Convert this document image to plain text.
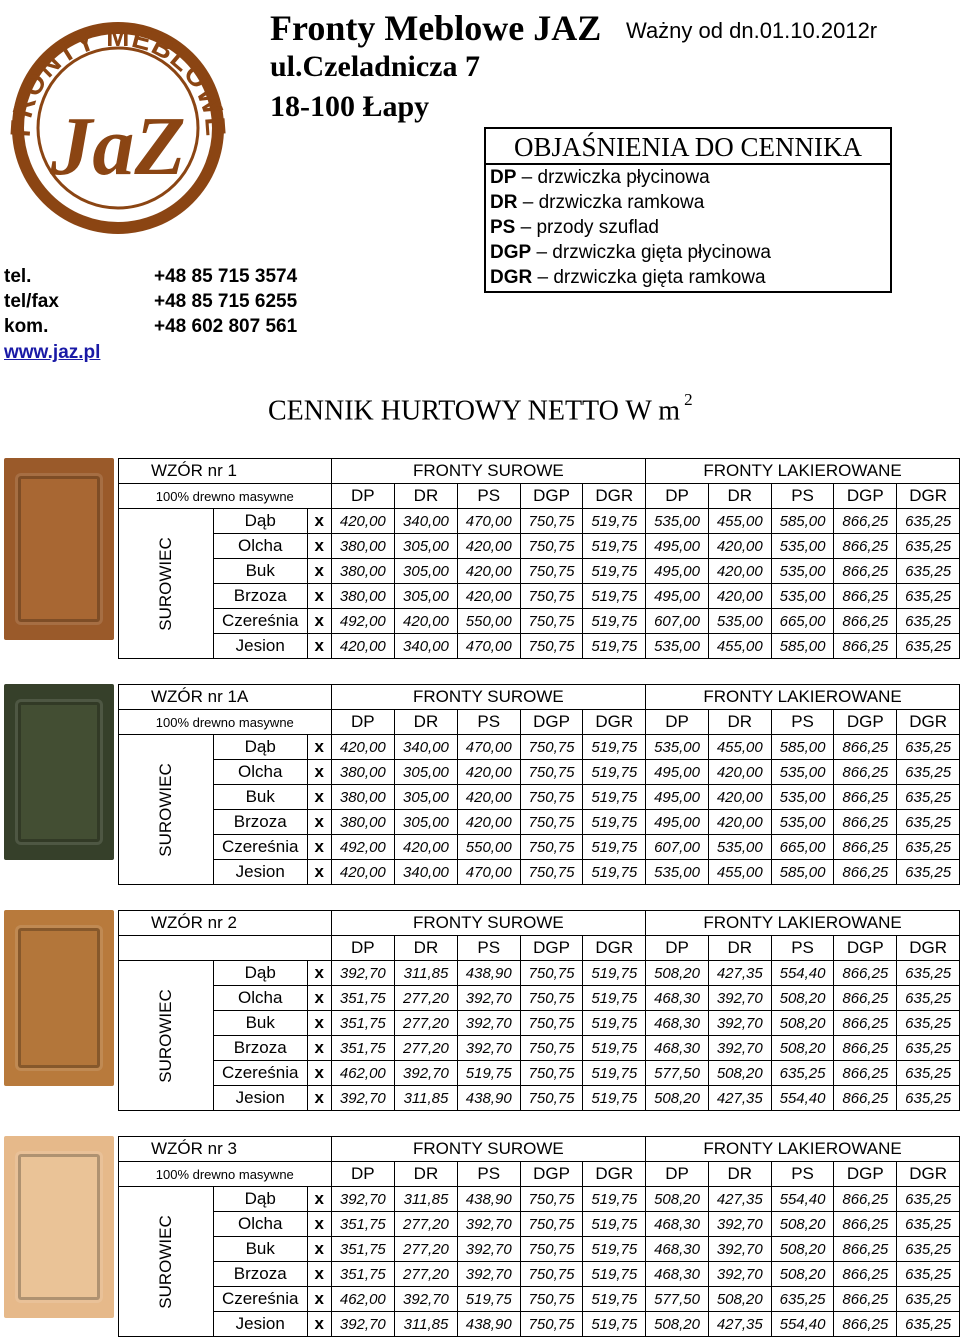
FRONTY MEBLOWE
JaZ
Fronty Meblowe JAZ Ważny od dn.01.10.2012r
ul.Czeladnicza 7
18-100 Łapy
tel.	+48 85 715 3574
tel/fax	+48 85 715 6255
kom.	+48 602 807 561
www.jaz.pl
OBJAŚNIENIA DO CENNIKA
DP – drzwiczka płycinowa
DR – drzwiczka ramkowa
PS – przody szuflad
DGP – drzwiczka gięta płycinowa
DGR – drzwiczka gięta ramkowa
CENNIK HURTOWY NETTO W m $^2$
WZÓR nr 1			FRONTY SUROWE					FRONTY LAKIEROWANE				
100% drewno masywne			DP	DR	PS	DGP	DGR	DP	DR	PS	DGP	DGR

SUROWIEC	Dąb	x	420,00	340,00	470,00	750,75	519,75	535,00	455,00	585,00	866,25	635,25
	Olcha	x	380,00	305,00	420,00	750,75	519,75	495,00	420,00	535,00	866,25	635,25
	Buk	x	380,00	305,00	420,00	750,75	519,75	495,00	420,00	535,00	866,25	635,25
	Brzoza	x	380,00	305,00	420,00	750,75	519,75	495,00	420,00	535,00	866,25	635,25
	Czereśnia	x	492,00	420,00	550,00	750,75	519,75	607,00	535,00	665,00	866,25	635,25
	Jesion	x	420,00	340,00	470,00	750,75	519,75	535,00	455,00	585,00	866,25	635,25
WZÓR nr 1A			FRONTY SUROWE					FRONTY LAKIEROWANE				
100% drewno masywne			DP	DR	PS	DGP	DGR	DP	DR	PS	DGP	DGR

SUROWIEC	Dąb	x	420,00	340,00	470,00	750,75	519,75	535,00	455,00	585,00	866,25	635,25
	Olcha	x	380,00	305,00	420,00	750,75	519,75	495,00	420,00	535,00	866,25	635,25
	Buk	x	380,00	305,00	420,00	750,75	519,75	495,00	420,00	535,00	866,25	635,25
	Brzoza	x	380,00	305,00	420,00	750,75	519,75	495,00	420,00	535,00	866,25	635,25
	Czereśnia	x	492,00	420,00	550,00	750,75	519,75	607,00	535,00	665,00	866,25	635,25
	Jesion	x	420,00	340,00	470,00	750,75	519,75	535,00	455,00	585,00	866,25	635,25
WZÓR nr 2			FRONTY SUROWE					FRONTY LAKIEROWANE				
			DP	DR	PS	DGP	DGR	DP	DR	PS	DGP	DGR

SUROWIEC	Dąb	x	392,70	311,85	438,90	750,75	519,75	508,20	427,35	554,40	866,25	635,25
	Olcha	x	351,75	277,20	392,70	750,75	519,75	468,30	392,70	508,20	866,25	635,25
	Buk	x	351,75	277,20	392,70	750,75	519,75	468,30	392,70	508,20	866,25	635,25
	Brzoza	x	351,75	277,20	392,70	750,75	519,75	468,30	392,70	508,20	866,25	635,25
	Czereśnia	x	462,00	392,70	519,75	750,75	519,75	577,50	508,20	635,25	866,25	635,25
	Jesion	x	392,70	311,85	438,90	750,75	519,75	508,20	427,35	554,40	866,25	635,25
WZÓR nr 3			FRONTY SUROWE					FRONTY LAKIEROWANE				
100% drewno masywne			DP	DR	PS	DGP	DGR	DP	DR	PS	DGP	DGR

SUROWIEC	Dąb	x	392,70	311,85	438,90	750,75	519,75	508,20	427,35	554,40	866,25	635,25
	Olcha	x	351,75	277,20	392,70	750,75	519,75	468,30	392,70	508,20	866,25	635,25
	Buk	x	351,75	277,20	392,70	750,75	519,75	468,30	392,70	508,20	866,25	635,25
	Brzoza	x	351,75	277,20	392,70	750,75	519,75	468,30	392,70	508,20	866,25	635,25
	Czereśnia	x	462,00	392,70	519,75	750,75	519,75	577,50	508,20	635,25	866,25	635,25
	Jesion	x	392,70	311,85	438,90	750,75	519,75	508,20	427,35	554,40	866,25	635,25
